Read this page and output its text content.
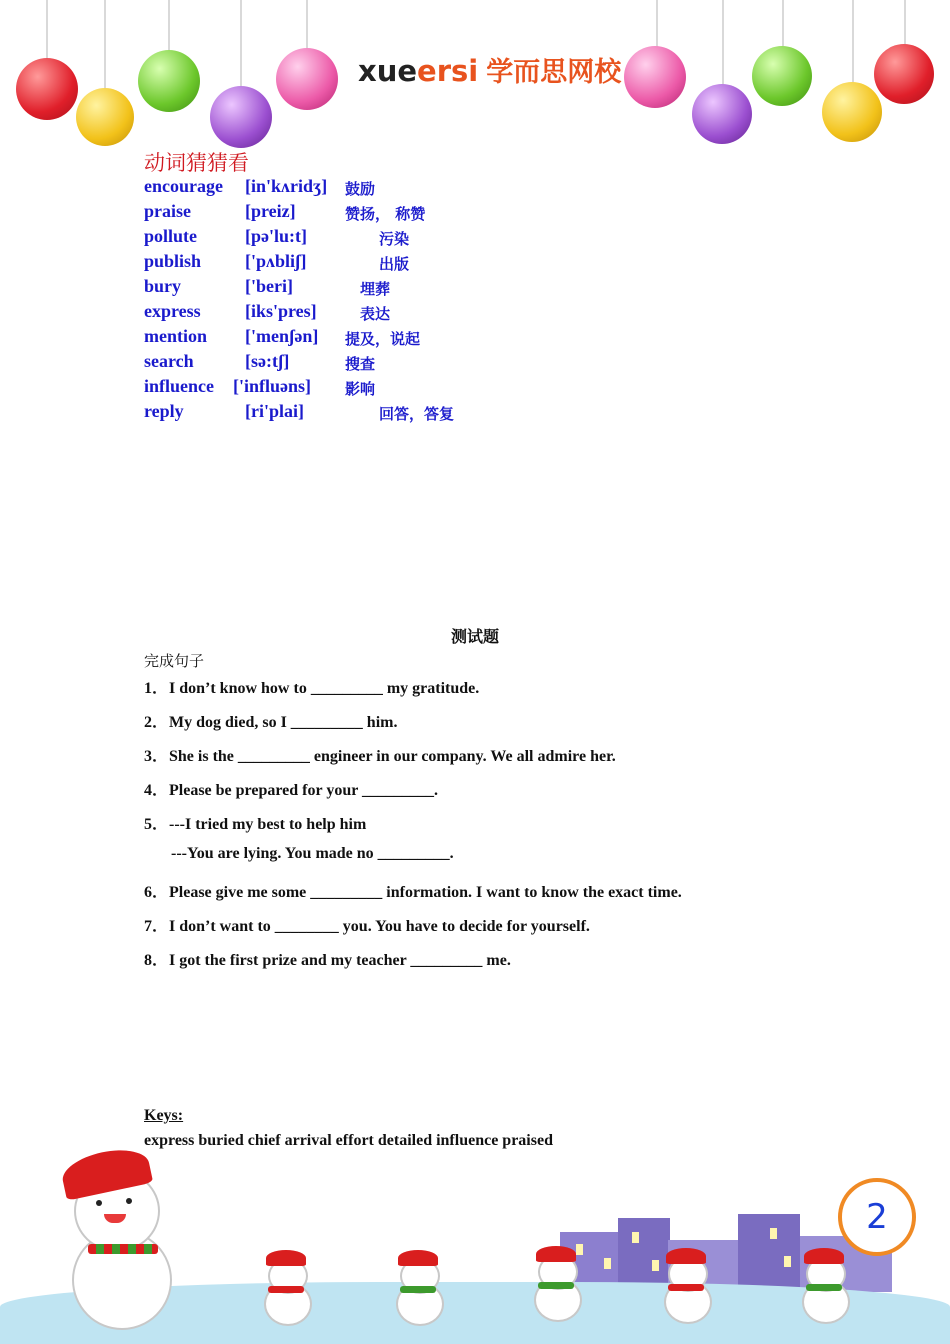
xueersi 学而思网校
动词猜猜看
encourage [in'kʌridʒ] 鼓励
praise	[preiz]	赞扬， 称赞
pollute	[pə'lu:t]	污染
publish ['pʌbliʃ]	出版
bury	['beri]	埋葬
express [iks'pres]	表达
mention ['menʃən] 提及，说起
search	[sə:tʃ]	搜查
influence ['influəns] 影响
reply	[ri'plai]	回答，答复
测试题
完成句子
1．I don’t know how to _________ my gratitude.
2．My dog died, so I _________ him.
3．She is the _________ engineer in our company. We all admire her.
4．Please be prepared for your _________.
5．---I tried my best to help him
---You are lying. You made no _________.
6．Please give me some _________ information. I want to know the exact time.
7．I don’t want to ________ you. You have to decide for yourself.
8．I got the first prize and my teacher _________ me.
Keys:
express buried chief arrival effort detailed influence praised
2
